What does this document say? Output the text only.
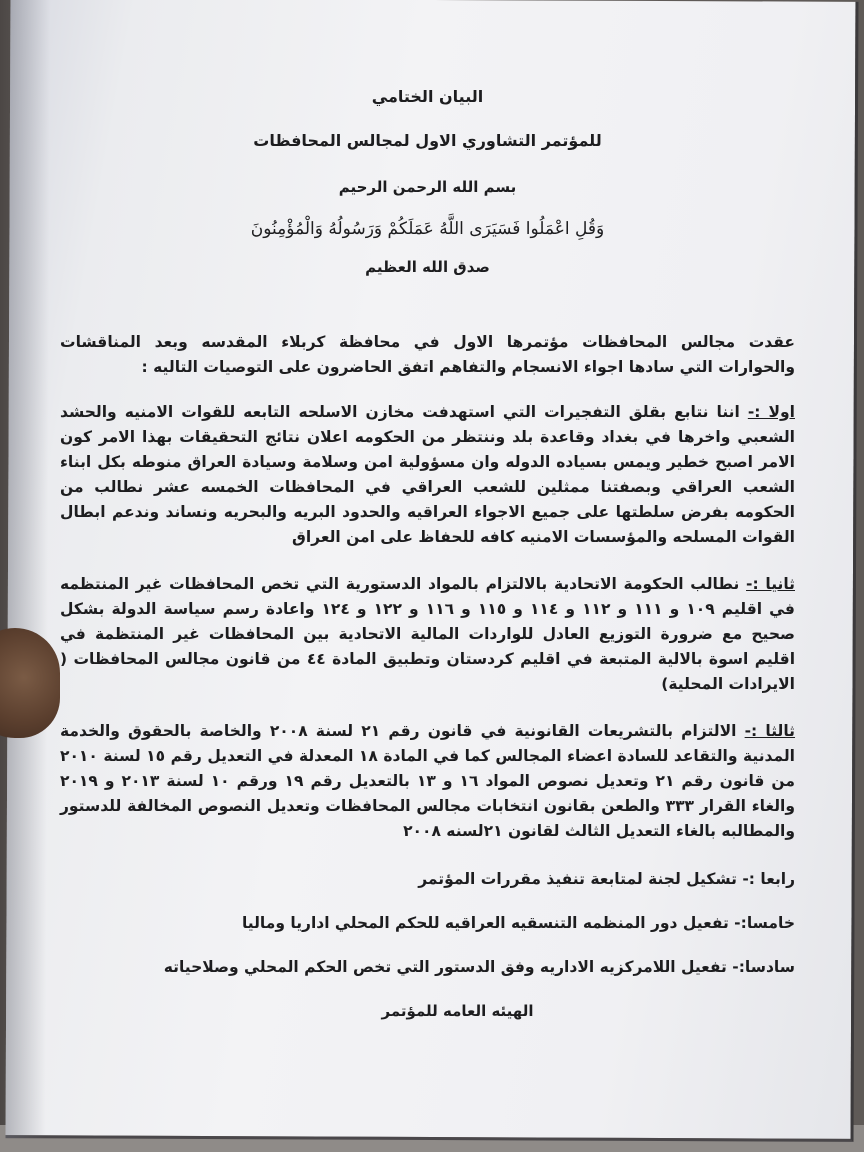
البيان الختامي
للمؤتمر التشاوري الاول لمجالس المحافظات
بسم الله الرحمن الرحيم
وَقُلِ اعْمَلُوا فَسَيَرَى اللَّهُ عَمَلَكُمْ وَرَسُولُهُ وَالْمُؤْمِنُونَ
صدق الله العظيم
عقدت مجالس المحافظات مؤتمرها الاول في محافظة كربلاء المقدسه وبعد المناقشات والحوارات التي سادها اجواء الانسجام والتفاهم اتفق الحاضرون على التوصيات التاليه :
اولا :- اننا نتابع بقلق التفجيرات التي استهدفت مخازن الاسلحه التابعه للقوات الامنيه والحشد الشعبي واخرها في بغداد وقاعدة بلد وننتظر من الحكومه اعلان نتائج التحقيقات بهذا الامر كون الامر اصبح خطير ويمس بسياده الدوله وان مسؤولية امن وسلامة وسيادة العراق منوطه بكل ابناء الشعب العراقي وبصفتنا ممثلين للشعب العراقي في المحافظات الخمسه عشر نطالب من الحكومه بفرض سلطتها على جميع الاجواء العراقيه والحدود البريه والبحريه ونساند وندعم ابطال القوات المسلحه والمؤسسات الامنيه كافه للحفاظ على امن العراق
ثانيا :- نطالب الحكومة الاتحادية بالالتزام بالمواد الدستورية التي تخص المحافظات غير المنتظمه في اقليم ١٠٩ و ١١١ و ١١٢ و ١١٤ و ١١٥ و ١١٦ و ١٢٢ و ١٢٤ واعادة رسم سياسة الدولة بشكل صحيح مع ضرورة التوزيع العادل للواردات المالية الاتحادية بين المحافظات غير المنتظمة في اقليم اسوة بالالية المتبعة في اقليم كردستان وتطبيق المادة ٤٤ من قانون مجالس المحافظات ( الايرادات المحلية)
ثالثا :- الالتزام بالتشريعات القانونية في قانون رقم ٢١ لسنة ٢٠٠٨ والخاصة بالحقوق والخدمة المدنية والتقاعد للسادة اعضاء المجالس كما في المادة ١٨ المعدلة في التعديل رقم ١٥ لسنة ٢٠١٠ من قانون رقم ٢١ وتعديل نصوص المواد ١٦ و ١٣ بالتعديل رقم ١٩ ورقم ١٠ لسنة ٢٠١٣ و ٢٠١٩ والغاء القرار ٣٣٣ والطعن بقانون انتخابات مجالس المحافظات وتعديل النصوص المخالفة للدستور والمطالبه بالغاء التعديل الثالث لقانون ٢١لسنه ٢٠٠٨
رابعا :- تشكيل لجنة لمتابعة تنفيذ مقررات المؤتمر
خامسا:- تفعيل دور المنظمه التنسقيه العراقيه للحكم المحلي اداريا وماليا
سادسا:- تفعيل اللامركزيه الاداريه وفق الدستور التي تخص الحكم المحلي وصلاحياته
الهيئه العامه للمؤتمر
